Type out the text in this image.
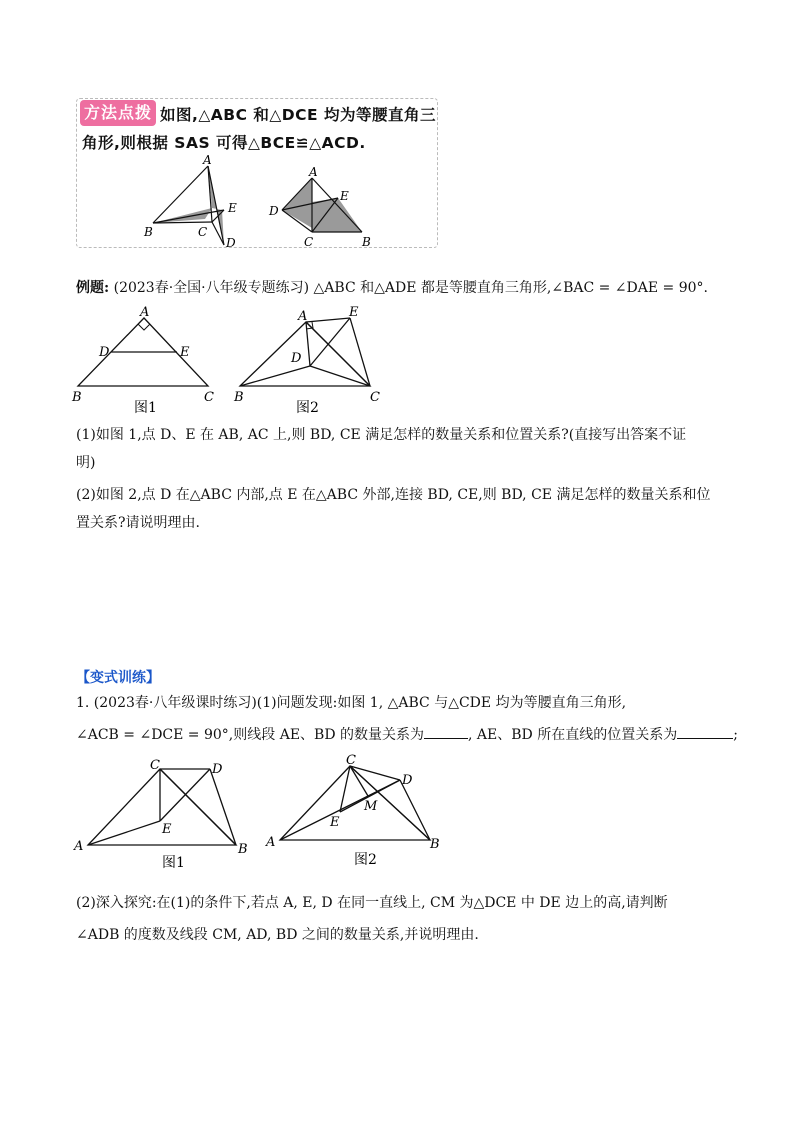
方法点拨 如图,△ABC 和△DCE 均为等腰直角三
角形,则根据 SAS 可得△BCE≌△ACD.
A
B	C
E
D
A
E
D
C	B
例题: (2023春·全国·八年级专题练习) △ABC 和△ADE 都是等腰直角三角形,∠BAC = ∠DAE = 90°.
A
D	E
B	C
图1
A	E
D
B	C
图2
(1)如图 1,点 D、E 在 AB, AC 上,则 BD, CE 满足怎样的数量关系和位置关系?(直接写出答案不证
明)
(2)如图 2,点 D 在△ABC 内部,点 E 在△ABC 外部,连接 BD, CE,则 BD, CE 满足怎样的数量关系和位
置关系?请说明理由.
【变式训练】
1. (2023春·八年级课时练习)(1)问题发现:如图 1, △ABC 与△CDE 均为等腰直角三角形,
∠ACB = ∠DCE = 90°,则线段 AE、BD 的数量关系为	, AE、BD 所在直线的位置关系为	;
C	D
E
A	B
图1
C
D
M
E
A	B
图2
(2)深入探究:在(1)的条件下,若点 A, E, D 在同一直线上, CM 为△DCE 中 DE 边上的高,请判断
∠ADB 的度数及线段 CM, AD, BD 之间的数量关系,并说明理由.
